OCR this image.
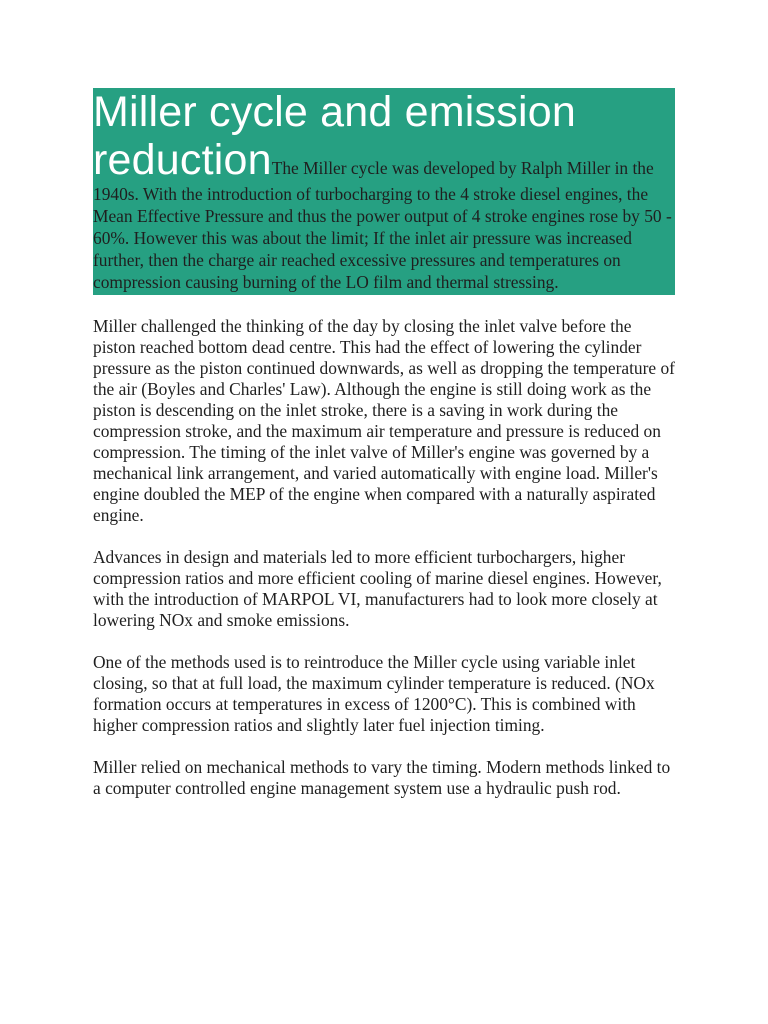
Miller cycle and emission reductionThe Miller cycle was developed by Ralph Miller in the 1940s. With the introduction of turbocharging to the 4 stroke diesel engines, the Mean Effective Pressure and thus the power output of 4 stroke engines rose by 50 - 60%. However this was about the limit; If the inlet air pressure was increased further, then the charge air reached excessive pressures and temperatures on compression causing burning of the LO film and thermal stressing.

Miller challenged the thinking of the day by closing the inlet valve before the piston reached bottom dead centre. This had the effect of lowering the cylinder pressure as the piston continued downwards, as well as dropping the temperature of the air (Boyles and Charles' Law). Although the engine is still doing work as the piston is descending on the inlet stroke, there is a saving in work during the compression stroke, and the maximum air temperature and pressure is reduced on compression. The timing of the inlet valve of Miller's engine was governed by a mechanical link arrangement, and varied automatically with engine load. Miller's engine doubled the MEP of the engine when compared with a naturally aspirated engine.

Advances in design and materials led to more efficient turbochargers, higher compression ratios and more efficient cooling of marine diesel engines. However, with the introduction of MARPOL VI, manufacturers had to look more closely at lowering NOx and smoke emissions.

One of the methods used is to reintroduce the Miller cycle using variable inlet closing, so that at full load, the maximum cylinder temperature is reduced. (NOx formation occurs at temperatures in excess of 1200°C). This is combined with higher compression ratios and slightly later fuel injection timing.

Miller relied on mechanical methods to vary the timing. Modern methods linked to a computer controlled engine management system use a hydraulic push rod.
